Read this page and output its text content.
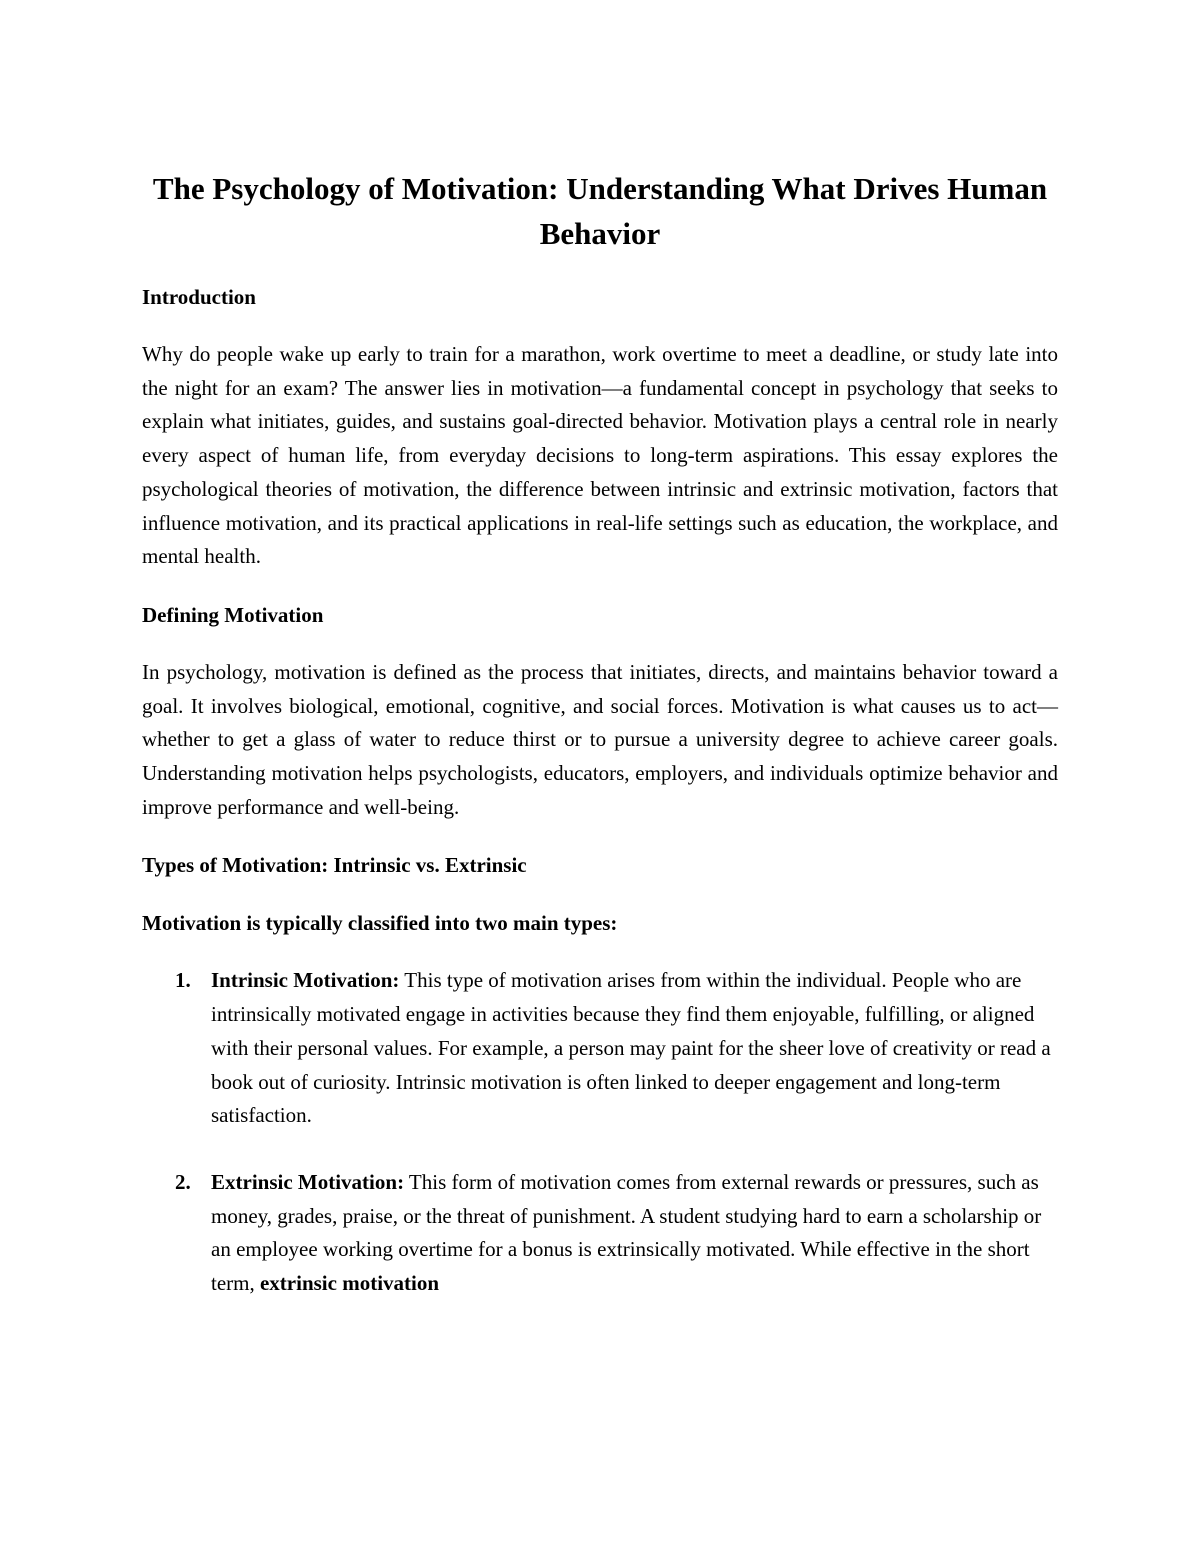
The Psychology of Motivation: Understanding What Drives Human Behavior
Introduction

Why do people wake up early to train for a marathon, work overtime to meet a deadline, or study late into the night for an exam? The answer lies in motivation—a fundamental concept in psychology that seeks to explain what initiates, guides, and sustains goal-directed behavior. Motivation plays a central role in nearly every aspect of human life, from everyday decisions to long-term aspirations. This essay explores the psychological theories of motivation, the difference between intrinsic and extrinsic motivation, factors that influence motivation, and its practical applications in real-life settings such as education, the workplace, and mental health.

Defining Motivation

In psychology, motivation is defined as the process that initiates, directs, and maintains behavior toward a goal. It involves biological, emotional, cognitive, and social forces. Motivation is what causes us to act—whether to get a glass of water to reduce thirst or to pursue a university degree to achieve career goals. Understanding motivation helps psychologists, educators, employers, and individuals optimize behavior and improve performance and well-being.

Types of Motivation: Intrinsic vs. Extrinsic
Motivation is typically classified into two main types:
1. Intrinsic Motivation: This type of motivation arises from within the individual. People who are intrinsically motivated engage in activities because they find them enjoyable, fulfilling, or aligned with their personal values. For example, a person may paint for the sheer love of creativity or read a book out of curiosity. Intrinsic motivation is often linked to deeper engagement and long-term satisfaction.
2. Extrinsic Motivation: This form of motivation comes from external rewards or pressures, such as money, grades, praise, or the threat of punishment. A student studying hard to earn a scholarship or an employee working overtime for a bonus is extrinsically motivated. While effective in the short term, extrinsic motivation
